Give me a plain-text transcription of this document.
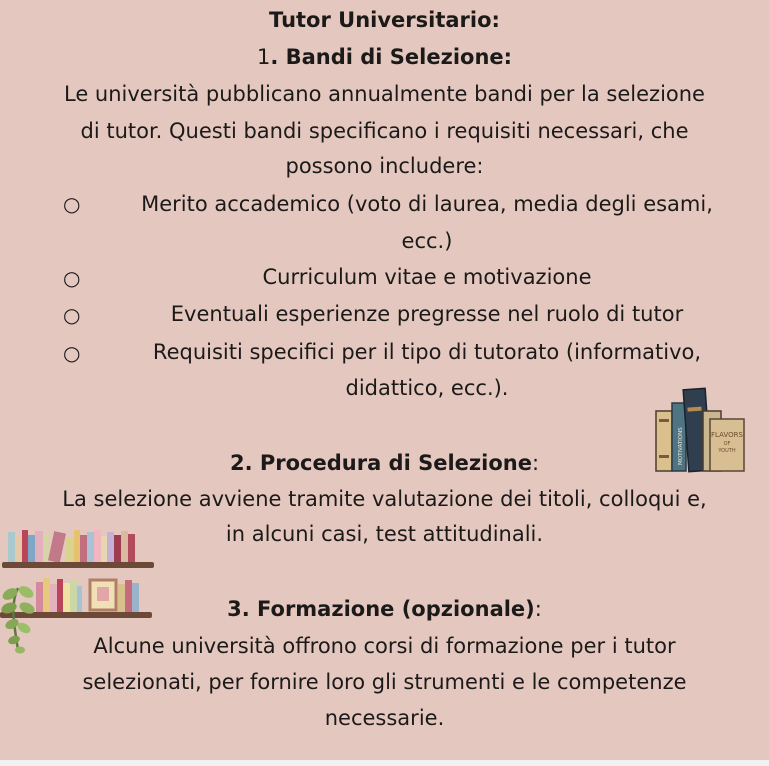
Tutor Universitario:
1. Bandi di Selezione:
Le università pubblicano annualmente bandi per la selezione
di tutor. Questi bandi specificano i requisiti necessari, che
possono includere:
○
Merito accademico (voto di laurea, media degli esami,
ecc.)
○
Curriculum vitae e motivazione
○
Eventuali esperienze pregresse nel ruolo di tutor
○
Requisiti specifici per il tipo di tutorato (informativo,
didattico, ecc.).
2. Procedura di Selezione:
La selezione avviene tramite valutazione dei titoli, colloqui e,
in alcuni casi, test attitudinali.
3. Formazione (opzionale):
Alcune università offrono corsi di formazione per i tutor
selezionati, per fornire loro gli strumenti e le competenze
necessarie.
MOTIVATIONS	FLAVORS
OF
YOUTH
